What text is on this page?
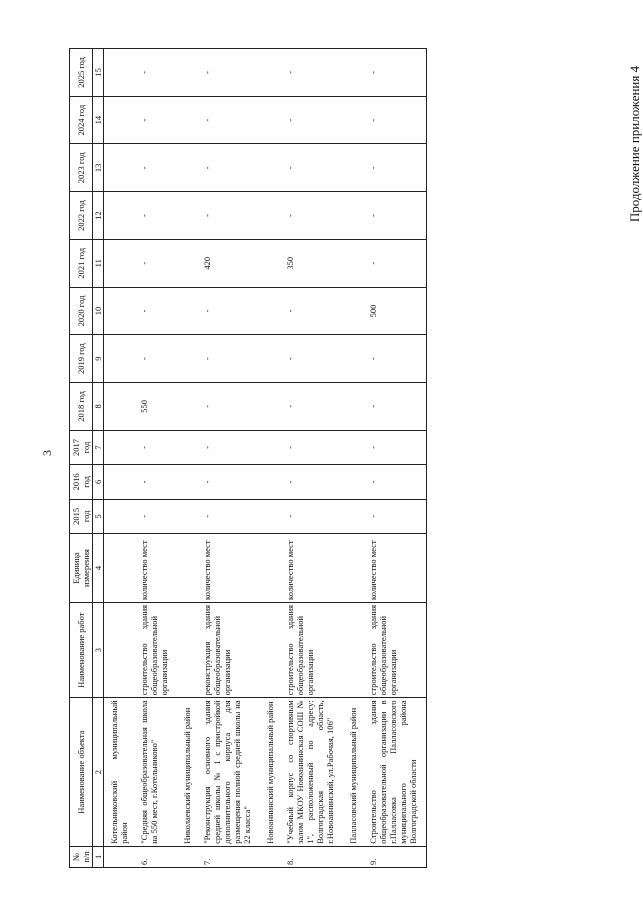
3
Продолжение приложения 4
№ п/п	Наименование объекта	Наименование работ	Единица измерения	2015 год	2016 год	2017 год	2018 год	2019 год	2020 год	2021 год	2022 год	2023 год	2024 год	2025 год
1	2	3	4	5	6	7	8	9	10	11	12	13	14	15
	Котельниковский муниципальный район													
6.	"Средняя общеобразовательная школа на 550 мест, г.Котельниково"	строительство здания общеобразовательной организации	количество мест	-	-	-	550	-	-	-	-	-	-	-
	Николаевский муниципальный район													
7.	"Реконструкция основного здания средней школы № 1 с пристройкой дополнительного корпуса для размещения полной средней школы на 22 класса"	реконструкция здания общеобразовательной организации	количество мест	-	-	-	-	-	-	420	-	-	-	-
	Новоаннинский муниципальный район													
8.	"Учебный корпус со спортивным залом МКОУ Новоаннинская СОШ № 1", расположенный по адресу: Волгоградская область, г.Новоаннинский, ул.Рабочая, 106"	строительство здания общеобразовательной организации	количество мест	-	-	-	-	-	-	350	-	-	-	-
	Палласовский муниципальный район													
9.	Строительство здания общеобразовательной организации в г.Палласовка Палласовского муниципального района Волгоградской области	строительство здания общеобразовательной организации	количество мест	-	-	-	-	-	500	-	-	-	-	-
